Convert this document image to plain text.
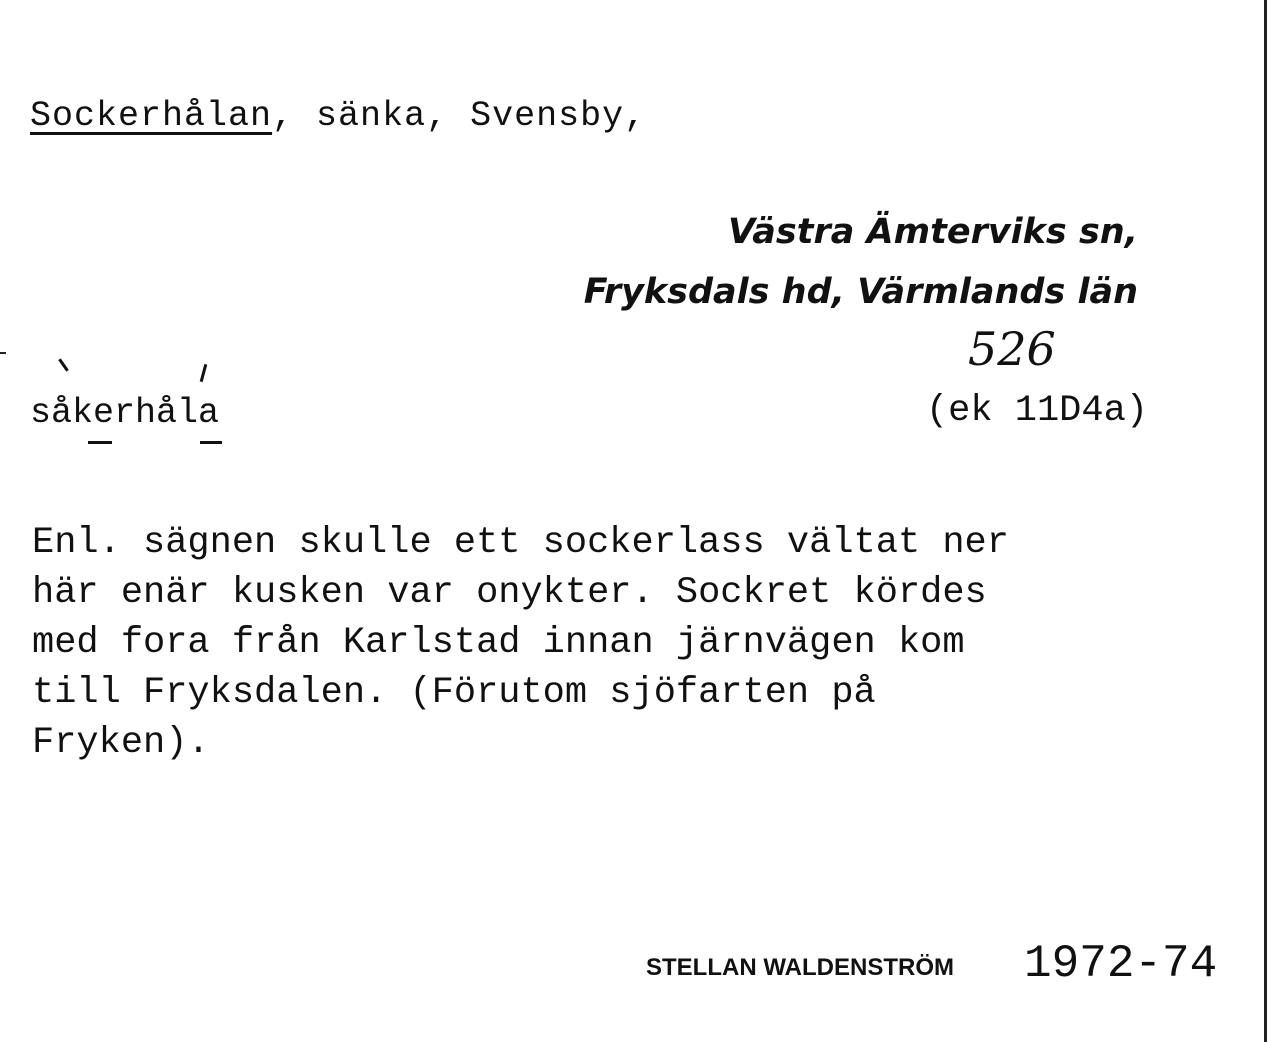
Sockerhålan, sänka, Svensby,
Västra Ämterviks sn,
Fryksdals hd, Värmlands län
526
såkerhåla	(ek 11D4a)
Enl. sägnen skulle ett sockerlass vältat ner
här enär kusken var onykter. Sockret kördes
med fora från Karlstad innan järnvägen kom
till Fryksdalen. (Förutom sjöfarten på
Fryken).
STELLAN WALDENSTRÖM 1972-74
